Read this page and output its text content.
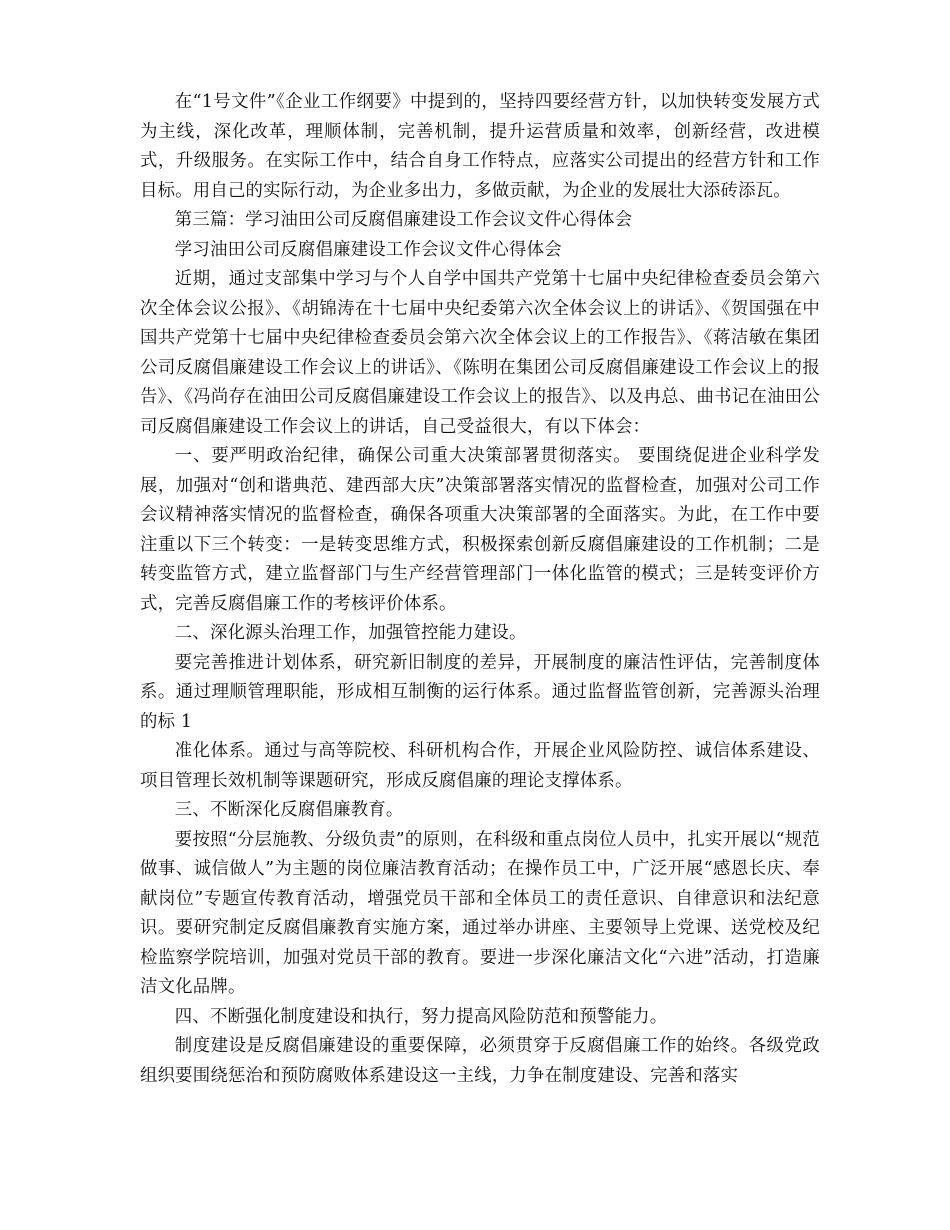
在“1号文件”《企业工作纲要》中提到的，坚持四要经营方针，以加快转变发展方式为主线，深化改革，理顺体制，完善机制，提升运营质量和效率，创新经营，改进模式，升级服务。在实际工作中，结合自身工作特点，应落实公司提出的经营方针和工作目标。用自己的实际行动，为企业多出力，多做贡献，为企业的发展壮大添砖添瓦。

第三篇：学习油田公司反腐倡廉建设工作会议文件心得体会

学习油田公司反腐倡廉建设工作会议文件心得体会

近期，通过支部集中学习与个人自学中国共产党第十七届中央纪律检查委员会第六次全体会议公报》、《胡锦涛在十七届中央纪委第六次全体会议上的讲话》、《贺国强在中国共产党第十七届中央纪律检查委员会第六次全体会议上的工作报告》、《蒋洁敏在集团公司反腐倡廉建设工作会议上的讲话》、《陈明在集团公司反腐倡廉建设工作会议上的报告》、《冯尚存在油田公司反腐倡廉建设工作会议上的报告》、以及冉总、曲书记在油田公司反腐倡廉建设工作会议上的讲话，自己受益很大，有以下体会：

一、要严明政治纪律，确保公司重大决策部署贯彻落实。 要围绕促进企业科学发展，加强对“创和谐典范、建西部大庆”决策部署落实情况的监督检查，加强对公司工作会议精神落实情况的监督检查，确保各项重大决策部署的全面落实。为此，在工作中要注重以下三个转变：一是转变思维方式，积极探索创新反腐倡廉建设的工作机制；二是转变监管方式，建立监督部门与生产经营管理部门一体化监管的模式；三是转变评价方式，完善反腐倡廉工作的考核评价体系。

二、深化源头治理工作，加强管控能力建设。

要完善推进计划体系，研究新旧制度的差异，开展制度的廉洁性评估，完善制度体系。通过理顺管理职能，形成相互制衡的运行体系。通过监督监管创新，完善源头治理的标 1

准化体系。通过与高等院校、科研机构合作，开展企业风险防控、诚信体系建设、项目管理长效机制等课题研究，形成反腐倡廉的理论支撑体系。

三、不断深化反腐倡廉教育。

要按照“分层施教、分级负责”的原则，在科级和重点岗位人员中，扎实开展以“规范做事、诚信做人”为主题的岗位廉洁教育活动；在操作员工中，广泛开展“感恩长庆、奉献岗位”专题宣传教育活动，增强党员干部和全体员工的责任意识、自律意识和法纪意识。要研究制定反腐倡廉教育实施方案，通过举办讲座、主要领导上党课、送党校及纪检监察学院培训，加强对党员干部的教育。要进一步深化廉洁文化“六进”活动，打造廉洁文化品牌。

四、不断强化制度建设和执行，努力提高风险防范和预警能力。

制度建设是反腐倡廉建设的重要保障，必须贯穿于反腐倡廉工作的始终。各级党政组织要围绕惩治和预防腐败体系建设这一主线，力争在制度建设、完善和落实
